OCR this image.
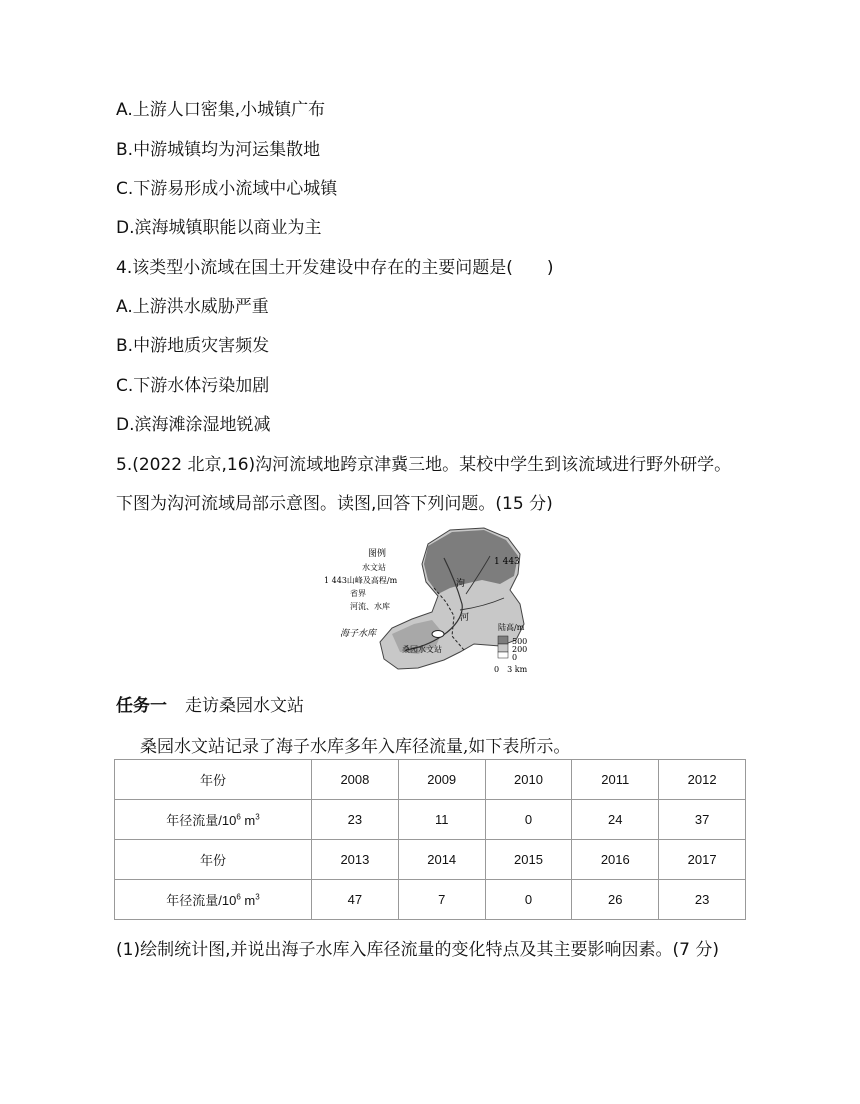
A.上游人口密集,小城镇广布
B.中游城镇均为河运集散地
C.下游易形成小流域中心城镇
D.滨海城镇职能以商业为主
4.该类型小流域在国土开发建设中存在的主要问题是(　　)
A.上游洪水威胁严重
B.中游地质灾害频发
C.下游水体污染加剧
D.滨海滩涂湿地锐减
5.(2022 北京,16)沟河流域地跨京津冀三地。某校中学生到该流域进行野外研学。
下图为沟河流域局部示意图。读图,回答下列问题。(15 分)
图例
水文站
1 443山峰及高程/m
省界
河流、水库
1 443
泃
河
海子水库
桑园水文站
陆高/m
500
200
0
0　3 km
任务一 走访桑园水文站
桑园水文站记录了海子水库多年入库径流量,如下表所示。
年份	2008	2009	2010	2011	2012
年径流量$/10^6$ $m^3$	23	11	0	24	37
年份	2013	2014	2015	2016	2017
年径流量$/10^6$ $m^3$	47	7	0	26	23
(1)绘制统计图,并说出海子水库入库径流量的变化特点及其主要影响因素。(7 分)
